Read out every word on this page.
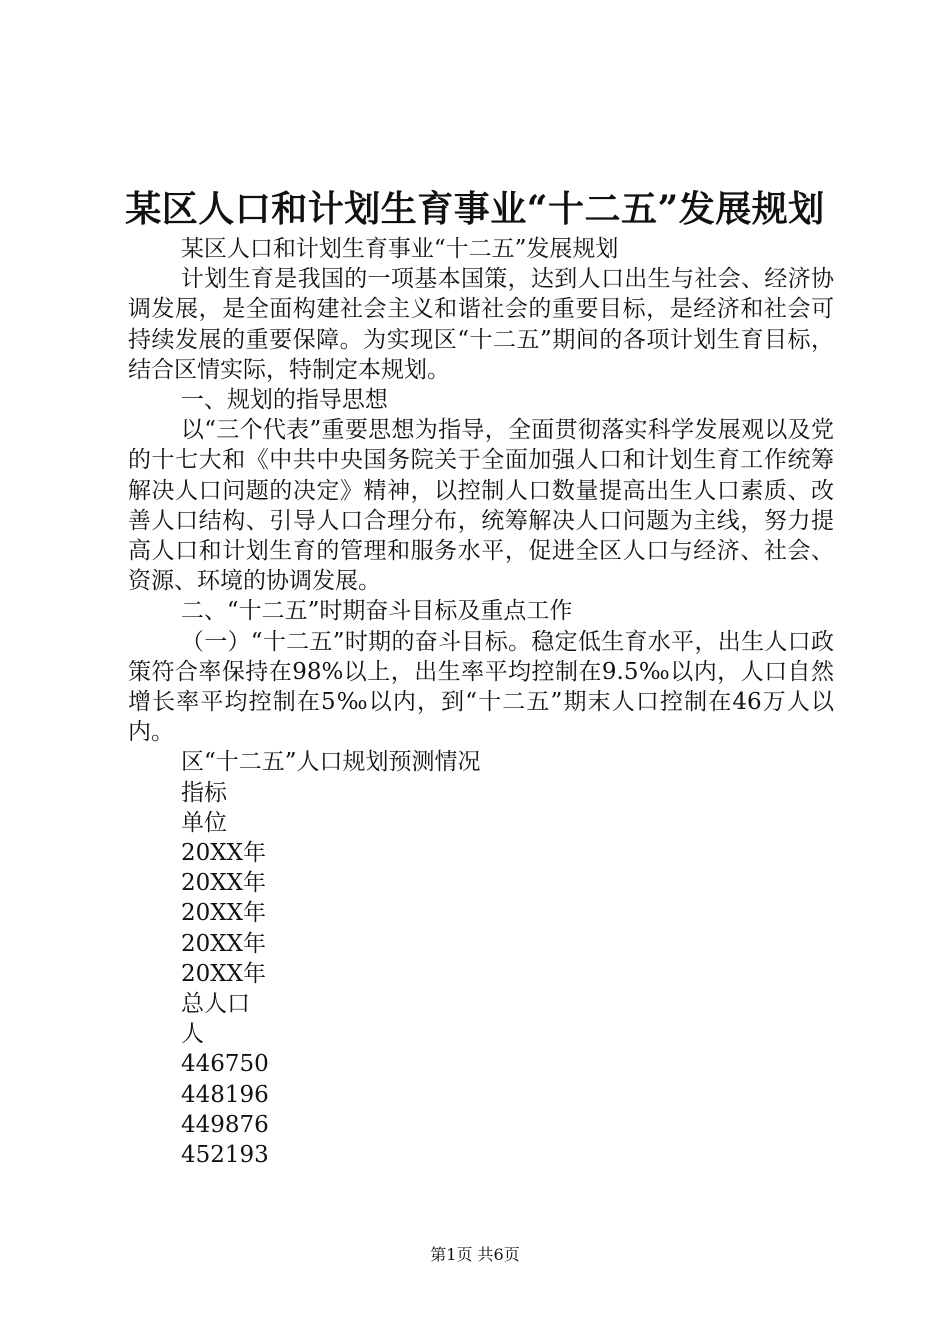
某区人口和计划生育事业“十二五”发展规划

某区人口和计划生育事业“十二五”发展规划

计划生育是我国的一项基本国策，达到人口出生与社会、经济协调发展，是全面构建社会主义和谐社会的重要目标，是经济和社会可持续发展的重要保障。为实现区“十二五”期间的各项计划生育目标，结合区情实际，特制定本规划。

一、规划的指导思想

以“三个代表”重要思想为指导，全面贯彻落实科学发展观以及党的十七大和《中共中央国务院关于全面加强人口和计划生育工作统筹解决人口问题的决定》精神，以控制人口数量提高出生人口素质、改善人口结构、引导人口合理分布，统筹解决人口问题为主线，努力提高人口和计划生育的管理和服务水平，促进全区人口与经济、社会、资源、环境的协调发展。

二、“十二五”时期奋斗目标及重点工作

（一）“十二五”时期的奋斗目标。稳定低生育水平，出生人口政策符合率保持在98%以上，出生率平均控制在9.5‰以内，人口自然增长率平均控制在5‰以内，到“十二五”期末人口控制在46万人以内。

区“十二五”人口规划预测情况

指标

单位

20XX年

20XX年

20XX年

20XX年

20XX年

总人口

人

446750

448196

449876

452193

第1页 共6页
